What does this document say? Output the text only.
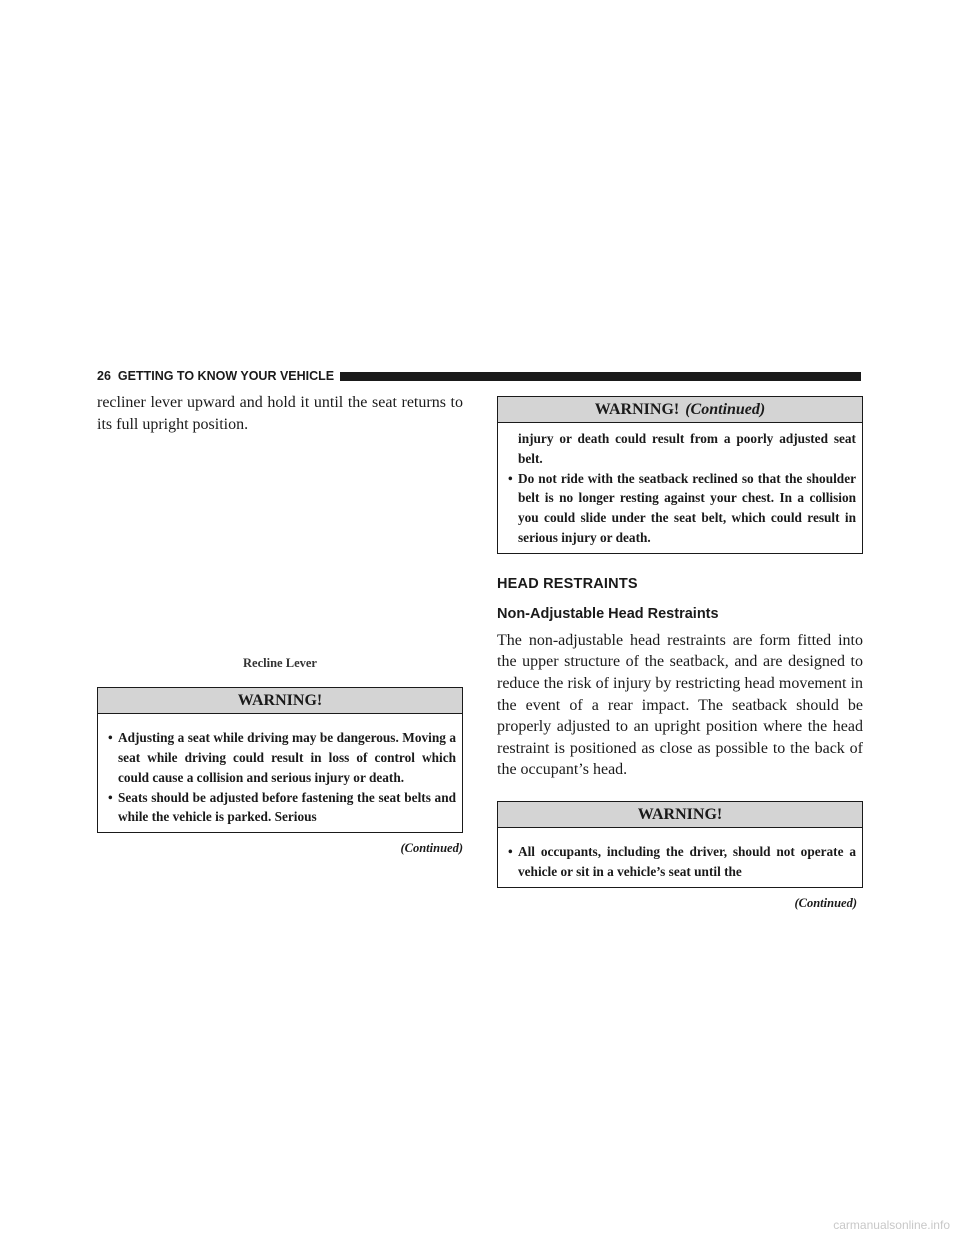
26 GETTING TO KNOW YOUR VEHICLE

recliner lever upward and hold it until the seat returns to its full upright position.

Recline Lever
WARNING!
• Adjusting a seat while driving may be dangerous. Moving a seat while driving could result in loss of control which could cause a collision and serious injury or death.
• Seats should be adjusted before fastening the seat belts and while the vehicle is parked. Serious
(Continued)
WARNING! (Continued)
injury or death could result from a poorly adjusted seat belt.
• Do not ride with the seatback reclined so that the shoulder belt is no longer resting against your chest. In a collision you could slide under the seat belt, which could result in serious injury or death.
HEAD RESTRAINTS
Non-Adjustable Head Restraints

The non-adjustable head restraints are form fitted into the upper structure of the seatback, and are designed to reduce the risk of injury by restricting head movement in the event of a rear impact. The seatback should be properly adjusted to an upright position where the head restraint is positioned as close as possible to the back of the occupant’s head.

WARNING!
• All occupants, including the driver, should not operate a vehicle or sit in a vehicle’s seat until the
(Continued)
carmanualsonline.info
